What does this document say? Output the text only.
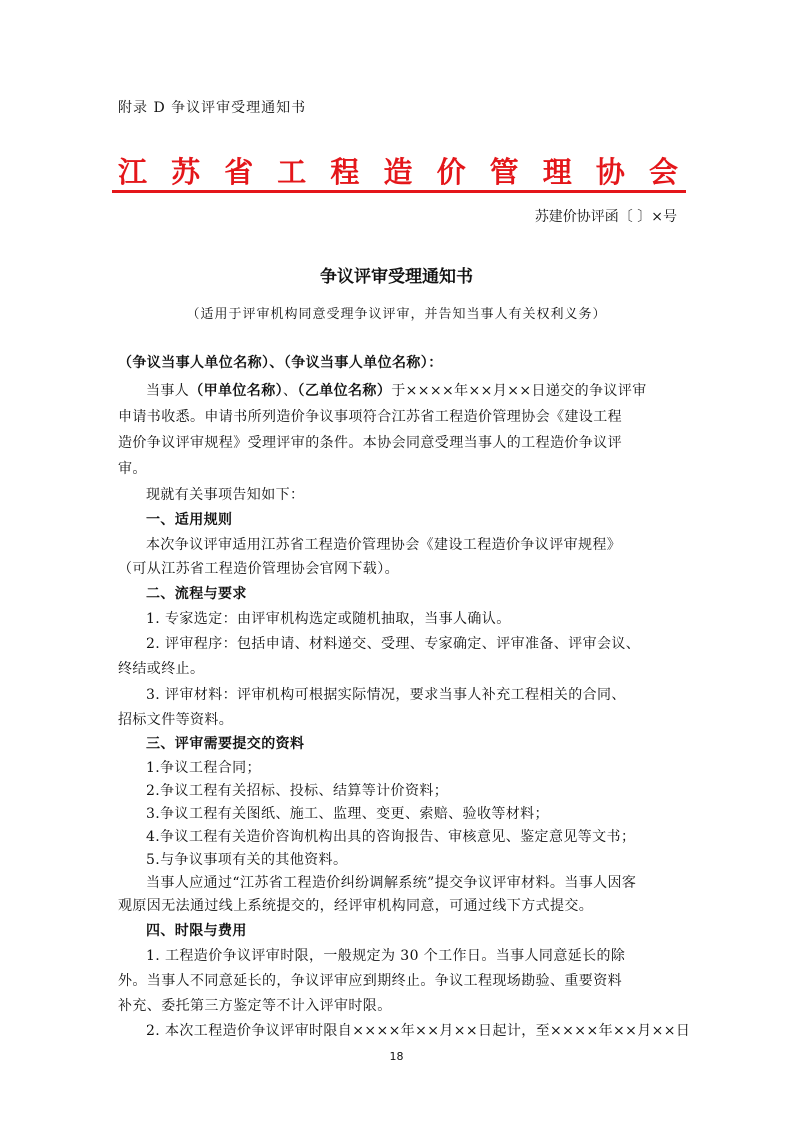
附录 D 争议评审受理通知书
江 苏 省 工 程 造 价 管 理 协 会
苏建价协评函〔 〕×号
争议评审受理通知书
（适用于评审机构同意受理争议评审，并告知当事人有关权利义务）
（争议当事人单位名称）、（争议当事人单位名称）：
当事人（甲单位名称）、（乙单位名称）于××××年××月××日递交的争议评审
申请书收悉。申请书所列造价争议事项符合江苏省工程造价管理协会《建设工程
造价争议评审规程》受理评审的条件。本协会同意受理当事人的工程造价争议评
审。
现就有关事项告知如下：
一、适用规则
本次争议评审适用江苏省工程造价管理协会《建设工程造价争议评审规程》
（可从江苏省工程造价管理协会官网下载）。
二、流程与要求
1. 专家选定：由评审机构选定或随机抽取，当事人确认。
2. 评审程序：包括申请、材料递交、受理、专家确定、评审准备、评审会议、
终结或终止。
3. 评审材料：评审机构可根据实际情况，要求当事人补充工程相关的合同、
招标文件等资料。
三、评审需要提交的资料
1.争议工程合同；
2.争议工程有关招标、投标、结算等计价资料；
3.争议工程有关图纸、施工、监理、变更、索赔、验收等材料；
4.争议工程有关造价咨询机构出具的咨询报告、审核意见、鉴定意见等文书；
5.与争议事项有关的其他资料。
当事人应通过“江苏省工程造价纠纷调解系统”提交争议评审材料。当事人因客
观原因无法通过线上系统提交的，经评审机构同意，可通过线下方式提交。
四、时限与费用
1. 工程造价争议评审时限，一般规定为 30 个工作日。当事人同意延长的除
外。当事人不同意延长的，争议评审应到期终止。争议工程现场勘验、重要资料
补充、委托第三方鉴定等不计入评审时限。
2. 本次工程造价争议评审时限自××××年××月××日起计，至××××年××月××日
18
